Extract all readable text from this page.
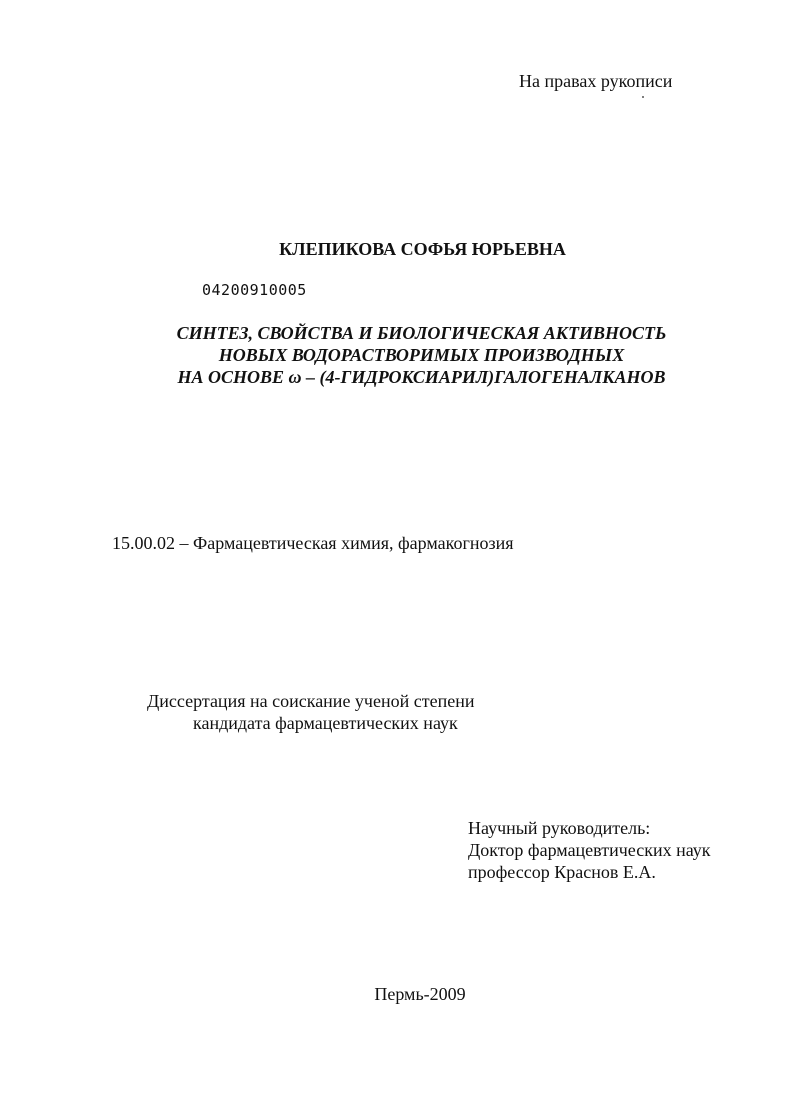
На правах рукописи
КЛЕПИКОВА СОФЬЯ ЮРЬЕВНА
04200910005
СИНТЕЗ, СВОЙСТВА И БИОЛОГИЧЕСКАЯ АКТИВНОСТЬ
НОВЫХ ВОДОРАСТВОРИМЫХ ПРОИЗВОДНЫХ
НА ОСНОВЕ ω – (4-ГИДРОКСИАРИЛ)ГАЛОГЕНАЛКАНОВ
15.00.02 – Фармацевтическая химия, фармакогнозия
Диссертация на соискание ученой степени
кандидата фармацевтических наук
Научный руководитель:
Доктор фармацевтических наук
профессор Краснов Е.А.
Пермь-2009
